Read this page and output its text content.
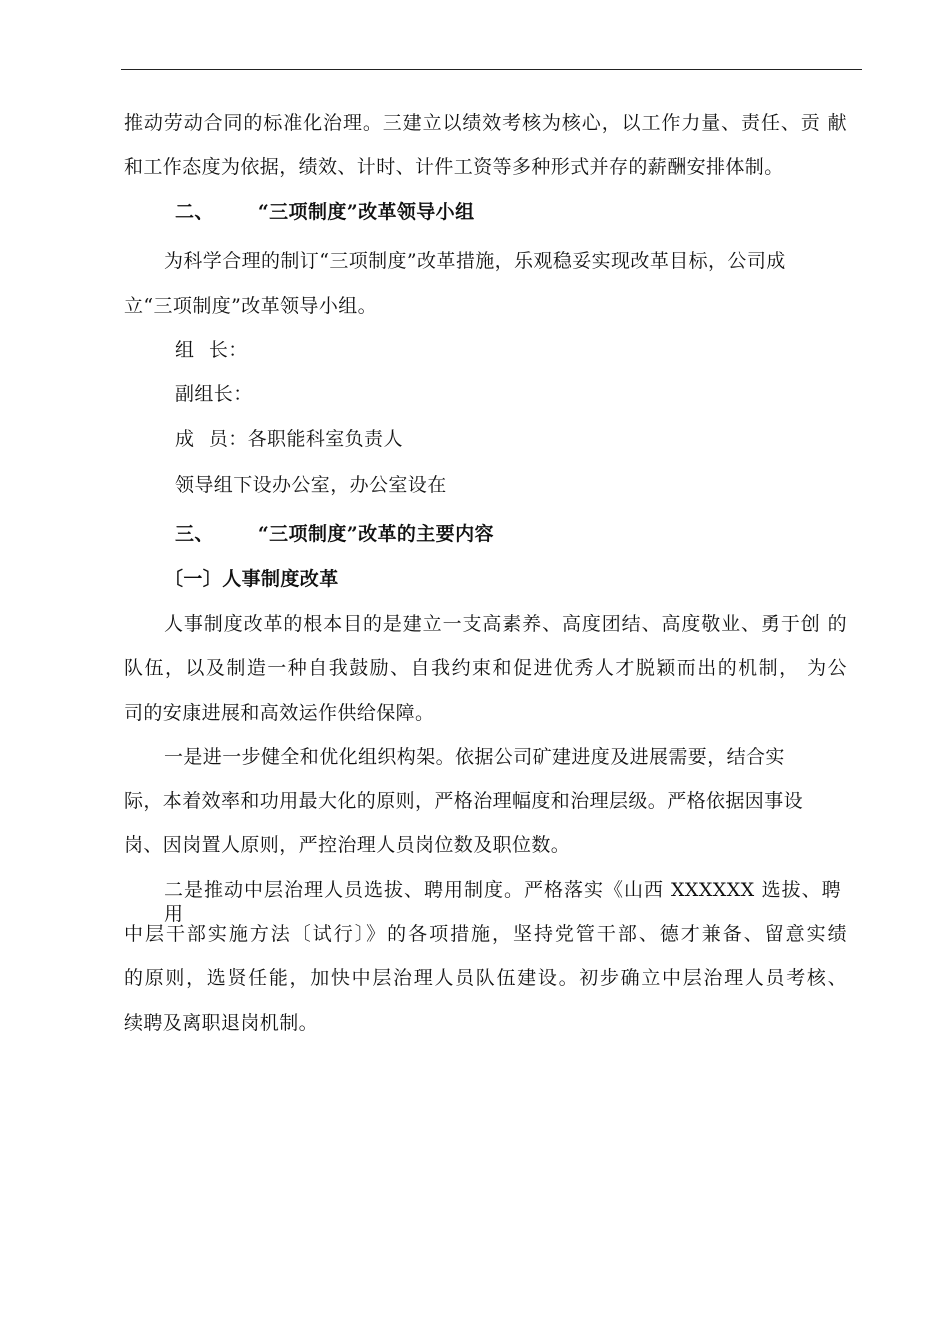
推动劳动合同的标准化治理。三建立以绩效考核为核心，以工作力量、责任、贡 献
和工作态度为依据，绩效、计时、计件工资等多种形式并存的薪酬安排体制。
二、 “三项制度”改革领导小组
为科学合理的制订“三项制度”改革措施，乐观稳妥实现改革目标，公司成
立“三项制度”改革领导小组。
组 长：
副组长：
成 员：各职能科室负责人
领导组下设办公室，办公室设在
三、 “三项制度”改革的主要内容
〔一〕人事制度改革
人事制度改革的根本目的是建立一支高素养、高度团结、高度敬业、勇于创 的
队伍，以及制造一种自我鼓励、自我约束和促进优秀人才脱颖而出的机制， 为公
司的安康进展和高效运作供给保障。
一是进一步健全和优化组织构架。依据公司矿建进度及进展需要，结合实
际，本着效率和功用最大化的原则，严格治理幅度和治理层级。严格依据因事设
岗、因岗置人原则，严控治理人员岗位数及职位数。
二是推动中层治理人员选拔、聘用制度。严格落实《山西 XXXXXX 选拔、聘用
中层干部实施方法〔试行〕》的各项措施，坚持党管干部、德才兼备、留意实绩
的原则，选贤任能，加快中层治理人员队伍建设。初步确立中层治理人员考核、
续聘及离职退岗机制。
